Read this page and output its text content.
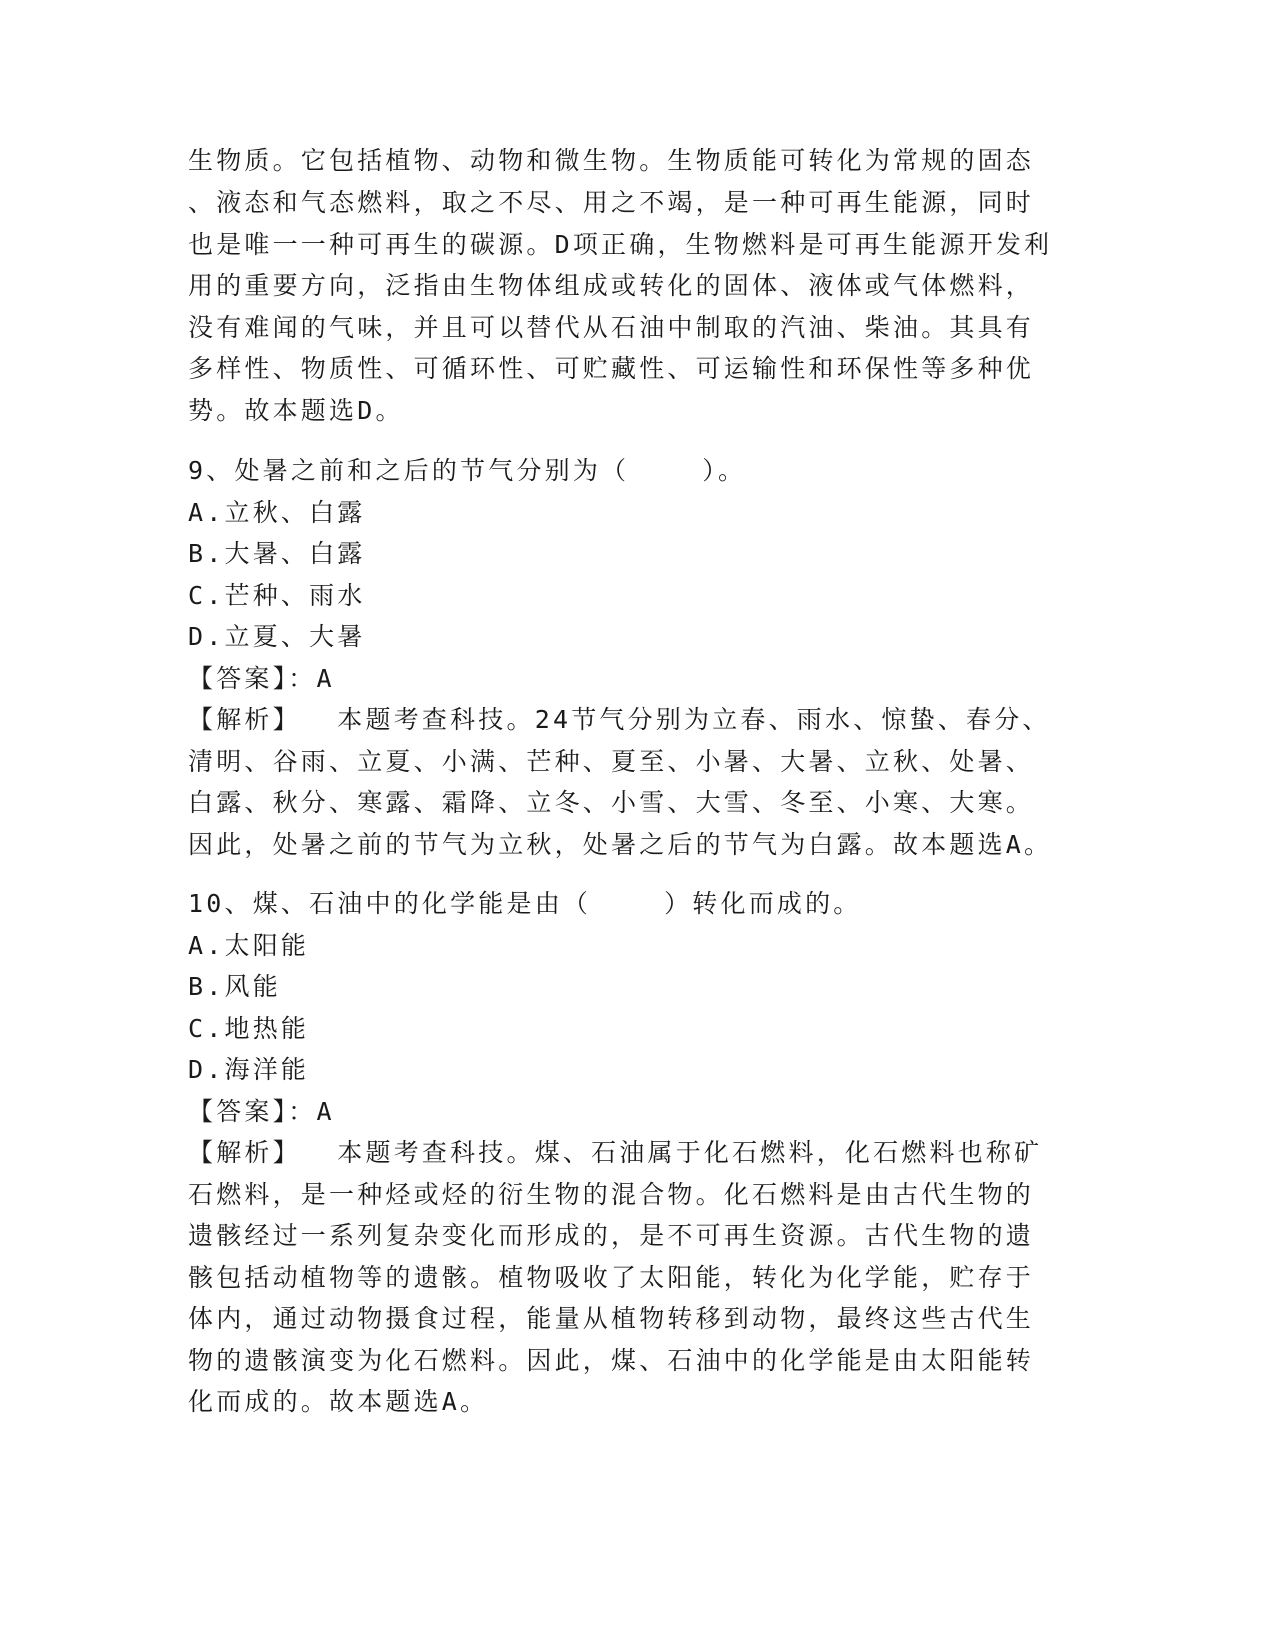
生物质。它包括植物、动物和微生物。生物质能可转化为常规的固态
、液态和气态燃料，取之不尽、用之不竭，是一种可再生能源，同时
也是唯一一种可再生的碳源。D项正确，生物燃料是可再生能源开发利
用的重要方向，泛指由生物体组成或转化的固体、液体或气体燃料，
没有难闻的气味，并且可以替代从石油中制取的汽油、柴油。其具有
多样性、物质性、可循环性、可贮藏性、可运输性和环保性等多种优
势。故本题选D。
9、处暑之前和之后的节气分别为（    ）。
A.立秋、白露
B.大暑、白露
C.芒种、雨水
D.立夏、大暑
【答案】：A
【解析】  本题考查科技。24节气分别为立春、雨水、惊蛰、春分、
清明、谷雨、立夏、小满、芒种、夏至、小暑、大暑、立秋、处暑、
白露、秋分、寒露、霜降、立冬、小雪、大雪、冬至、小寒、大寒。
因此，处暑之前的节气为立秋，处暑之后的节气为白露。故本题选A。
10、煤、石油中的化学能是由（    ）转化而成的。
A.太阳能
B.风能
C.地热能
D.海洋能
【答案】：A
【解析】  本题考查科技。煤、石油属于化石燃料，化石燃料也称矿
石燃料，是一种烃或烃的衍生物的混合物。化石燃料是由古代生物的
遗骸经过一系列复杂变化而形成的，是不可再生资源。古代生物的遗
骸包括动植物等的遗骸。植物吸收了太阳能，转化为化学能，贮存于
体内，通过动物摄食过程，能量从植物转移到动物，最终这些古代生
物的遗骸演变为化石燃料。因此，煤、石油中的化学能是由太阳能转
化而成的。故本题选A。
